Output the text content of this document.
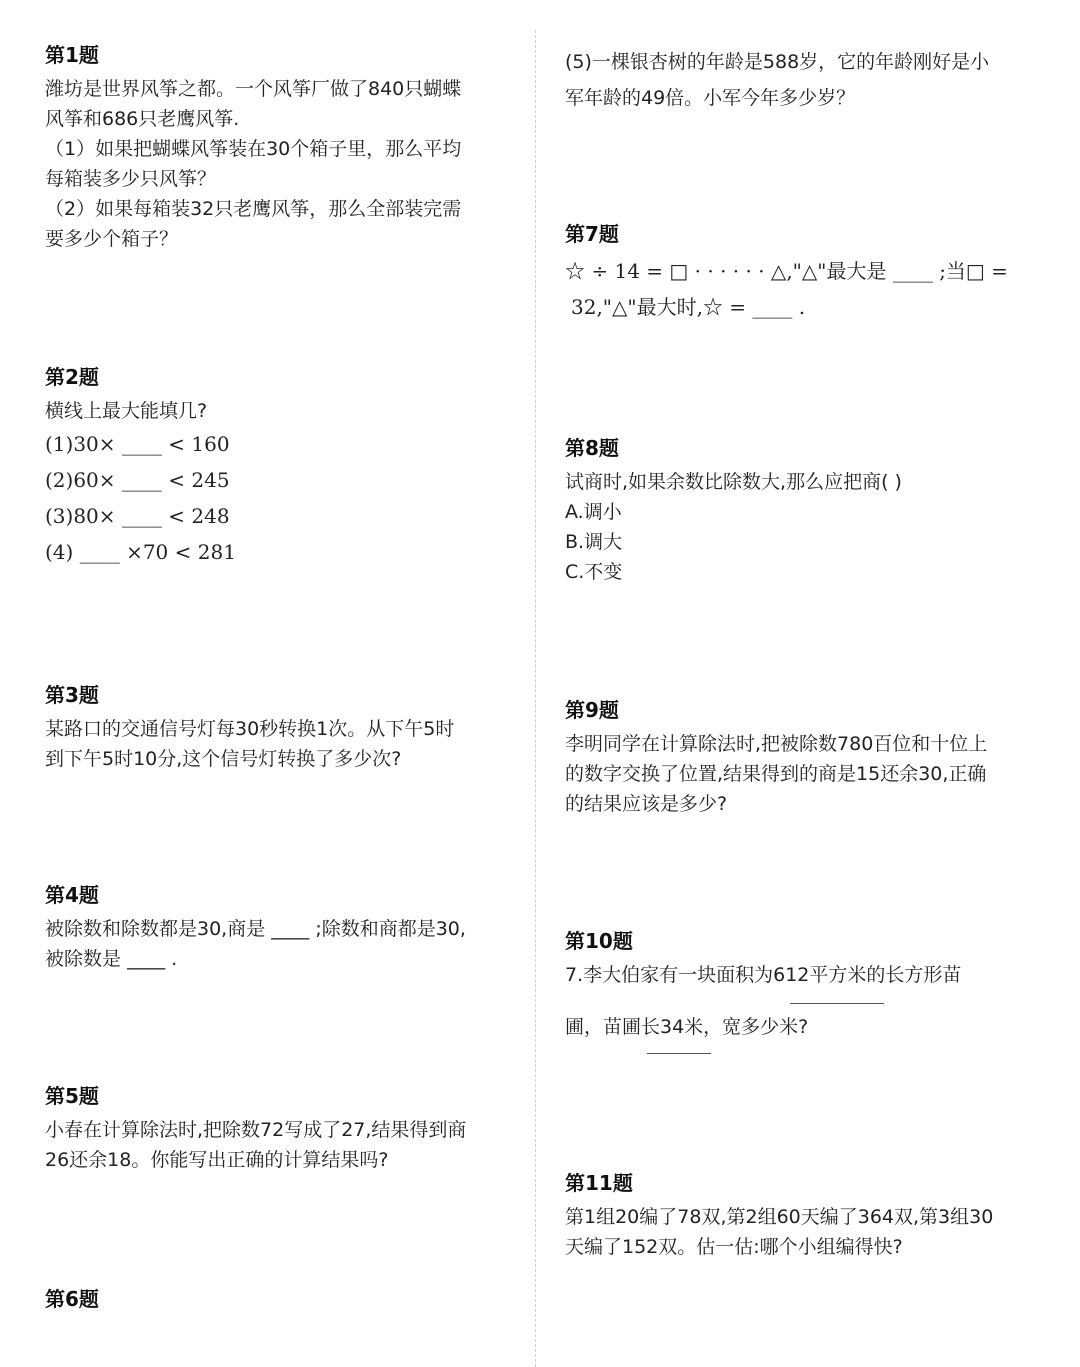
第1题
潍坊是世界风筝之都。一个风筝厂做了840只蝴蝶
风筝和686只老鹰风筝.
（1）如果把蝴蝶风筝装在30个箱子里，那么平均
每箱装多少只风筝？
（2）如果每箱装32只老鹰风筝，那么全部装完需
要多少个箱子？
第2题
横线上最大能填几?
(1)30× ____ < 160
(2)60× ____ < 245
(3)80× ____ < 248
(4) ____ ×70 < 281
第3题
某路口的交通信号灯每30秒转换1次。从下午5时
到下午5时10分,这个信号灯转换了多少次?
第4题
被除数和除数都是30,商是 ____ ;除数和商都是30,
被除数是 ____ .
第5题
小春在计算除法时,把除数72写成了27,结果得到商
26还余18。你能写出正确的计算结果吗?
第6题
(5)一棵银杏树的年龄是588岁，它的年龄刚好是小
军年龄的49倍。小军今年多少岁？
第7题
☆ ÷ 14 = □ · · · · · · △,"△"最大是 ____ ;当□ =
32,"△"最大时,☆ = ____ .
第8题
试商时,如果余数比除数大,那么应把商( )
A.调小
B.调大
C.不变
第9题
李明同学在计算除法时,把被除数780百位和十位上
的数字交换了位置,结果得到的商是15还余30,正确
的结果应该是多少?
第10题
7.李大伯家有一块面积为612平方米的长方形苗
圃，苗圃长34米，宽多少米?
第11题
第1组20编了78双,第2组60天编了364双,第3组30
天编了152双。估一估:哪个小组编得快?
